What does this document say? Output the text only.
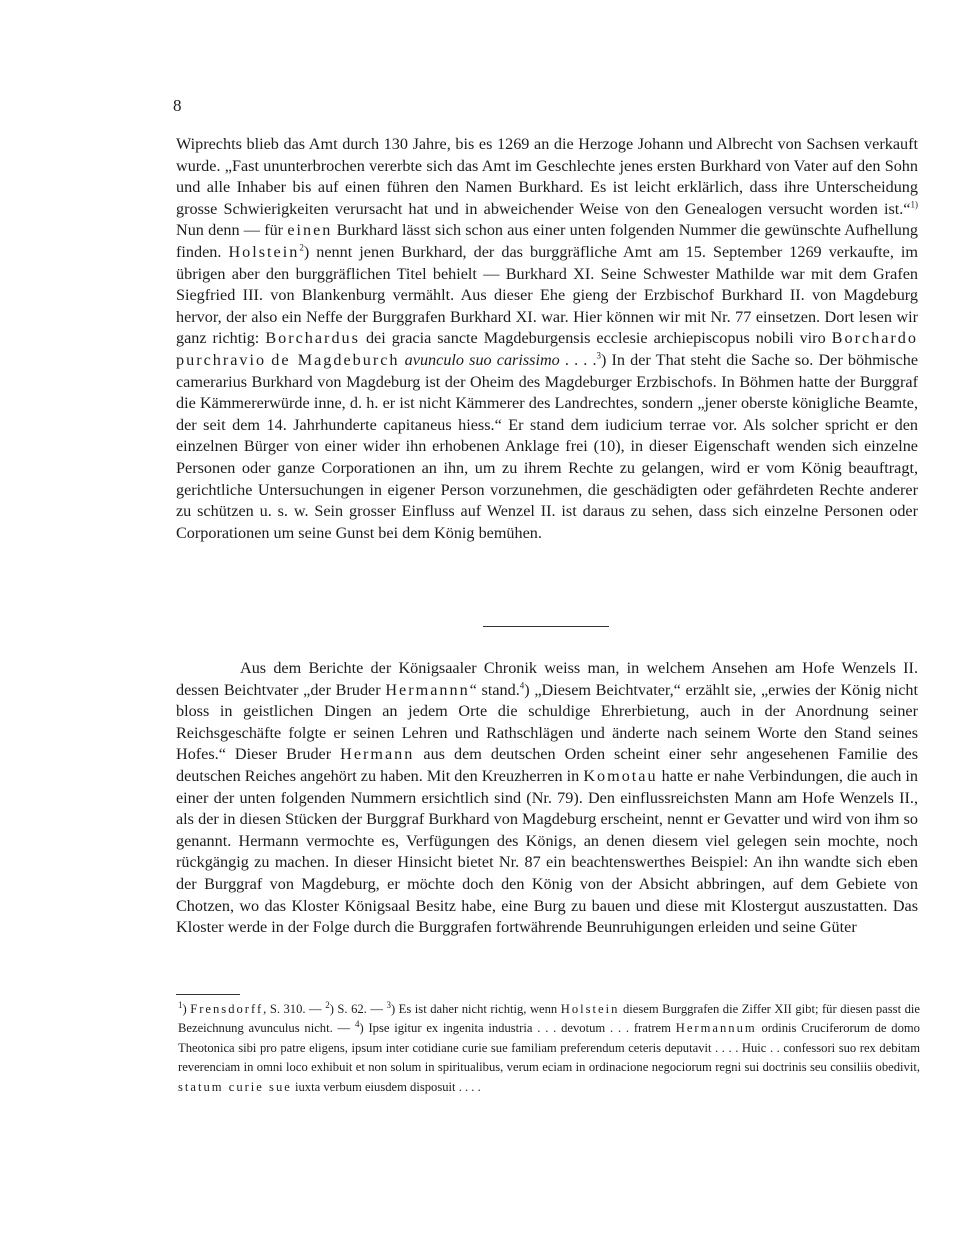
8

Wiprechts blieb das Amt durch 130 Jahre, bis es 1269 an die Herzoge Johann und Albrecht von Sachsen verkauft wurde. „Fast ununterbrochen vererbte sich das Amt im Geschlechte jenes ersten Burkhard von Vater auf den Sohn und alle Inhaber bis auf einen führen den Namen Burkhard. Es ist leicht erklärlich, dass ihre Unterscheidung grosse Schwierigkeiten verursacht hat und in abweichender Weise von den Genealogen versucht worden ist.“$^{1)}$ Nun denn — für einen Burkhard lässt sich schon aus einer unten folgenden Nummer die gewünschte Aufhellung finden. Holstein$^2$) nennt jenen Burkhard, der das burggräfliche Amt am 15. September 1269 verkaufte, im übrigen aber den burggräflichen Titel behielt — Burkhard XI. Seine Schwester Mathilde war mit dem Grafen Siegfried III. von Blankenburg vermählt. Aus dieser Ehe gieng der Erzbischof Burkhard II. von Magdeburg hervor, der also ein Neffe der Burggrafen Burkhard XI. war. Hier können wir mit Nr. 77 einsetzen. Dort lesen wir ganz richtig: Borchardus dei gracia sancte Magdeburgensis ecclesie archiepiscopus nobili viro Borchardo purchravio de Magdeburch avunculo suo carissimo . . . .$^3$) In der That steht die Sache so. Der böhmische camerarius Burkhard von Magdeburg ist der Oheim des Magdeburger Erzbischofs. In Böhmen hatte der Burggraf die Kämmererwürde inne, d. h. er ist nicht Kämmerer des Landrechtes, sondern „jener oberste königliche Beamte, der seit dem 14. Jahrhunderte capitaneus hiess.“ Er stand dem iudicium terrae vor. Als solcher spricht er den einzelnen Bürger von einer wider ihn erhobenen Anklage frei (10), in dieser Eigenschaft wenden sich einzelne Personen oder ganze Corporationen an ihn, um zu ihrem Rechte zu gelangen, wird er vom König beauftragt, gerichtliche Untersuchungen in eigener Person vorzunehmen, die geschädigten oder gefährdeten Rechte anderer zu schützen u. s. w. Sein grosser Einfluss auf Wenzel II. ist daraus zu sehen, dass sich einzelne Personen oder Corporationen um seine Gunst bei dem König bemühen.

Aus dem Berichte der Königsaaler Chronik weiss man, in welchem Ansehen am Hofe Wenzels II. dessen Beichtvater „der Bruder Hermannn“ stand.$^4$) „Diesem Beichtvater,“ erzählt sie, „erwies der König nicht bloss in geistlichen Dingen an jedem Orte die schuldige Ehrerbietung, auch in der Anordnung seiner Reichsgeschäfte folgte er seinen Lehren und Rathschlägen und änderte nach seinem Worte den Stand seines Hofes.“ Dieser Bruder Hermann aus dem deutschen Orden scheint einer sehr angesehenen Familie des deutschen Reiches angehört zu haben. Mit den Kreuzherren in Komotau hatte er nahe Verbindungen, die auch in einer der unten folgenden Nummern ersichtlich sind (Nr. 79). Den einflussreichsten Mann am Hofe Wenzels II., als der in diesen Stücken der Burggraf Burkhard von Magdeburg erscheint, nennt er Gevatter und wird von ihm so genannt. Hermann vermochte es, Verfügungen des Königs, an denen diesem viel gelegen sein mochte, noch rückgängig zu machen. In dieser Hinsicht bietet Nr. 87 ein beachtenswerthes Beispiel: An ihn wandte sich eben der Burggraf von Magdeburg, er möchte doch den König von der Absicht abbringen, auf dem Gebiete von Chotzen, wo das Kloster Königsaal Besitz habe, eine Burg zu bauen und diese mit Klostergut auszustatten. Das Kloster werde in der Folge durch die Burggrafen fortwährende Beunruhigungen erleiden und seine Güter

$^1$) Frensdorff, S. 310. — $^2$) S. 62. — $^3$) Es ist daher nicht richtig, wenn Holstein diesem Burggrafen die Ziffer XII gibt; für diesen passt die Bezeichnung avunculus nicht. — $^4$) Ipse igitur ex ingenita industria . . . devotum . . . fratrem Hermannum ordinis Cruciferorum de domo Theotonica sibi pro patre eligens, ipsum inter cotidiane curie sue familiam preferendum ceteris deputavit . . . . Huic . . confessori suo rex debitam reverenciam in omni loco exhibuit et non solum in spiritualibus, verum eciam in ordinacione negociorum regni sui doctrinis seu consiliis obedivit, statum curie sue iuxta verbum eiusdem disposuit . . . .
